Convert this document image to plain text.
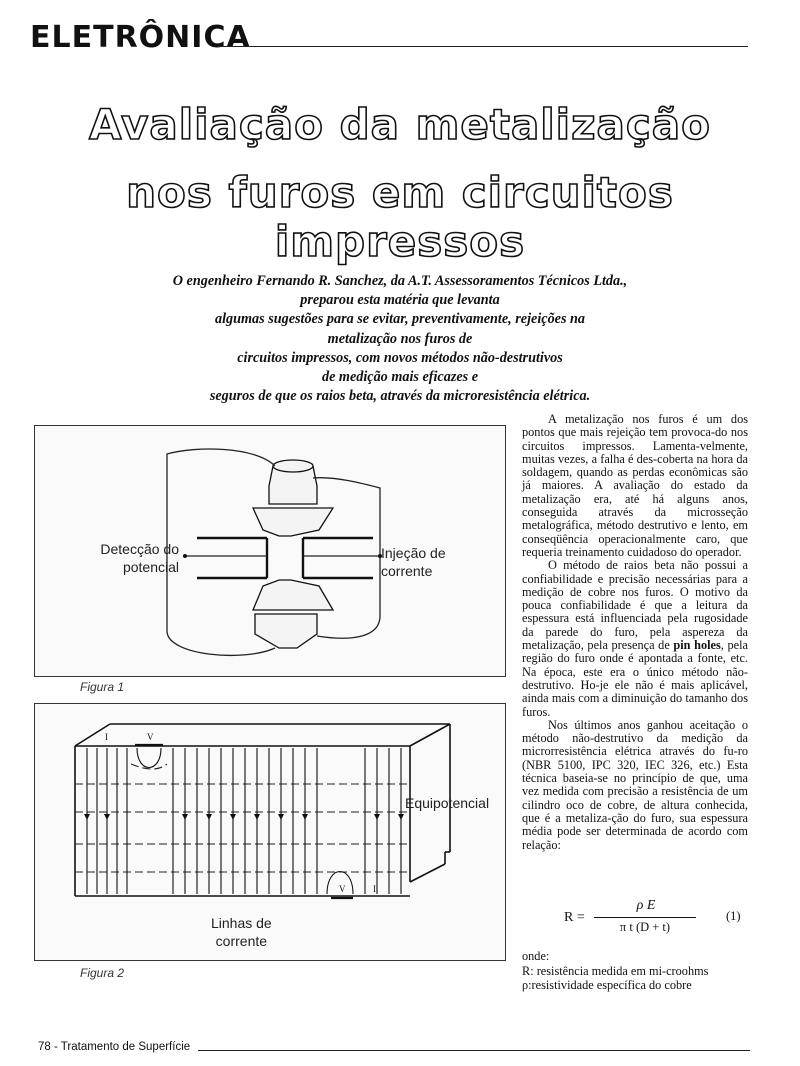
ELETRÔNICA
Avaliação da metalização
nos furos em circuitos impressos
O engenheiro Fernando R. Sanchez, da A.T. Assessoramentos Técnicos Ltda.,
preparou esta matéria que levanta
algumas sugestões para se evitar, preventivamente, rejeições na
metalização nos furos de
circuitos impressos, com novos métodos não-destrutivos
de medição mais eficazes e
seguros de que os raios beta, através da microresistência elétrica.
Detecção do
potencial
Injeção de
corrente
Figura 1
I	V
V	I
Equipotencial
Linhas de
corrente
Figura 2

A metalização nos furos é um dos pontos que mais rejeição tem provoca-do nos circuitos impressos. Lamenta-velmente, muitas vezes, a falha é des-coberta na hora da soldagem, quando as perdas econômicas são já maiores. A avaliação do estado da metalização era, até há alguns anos, conseguida através da microsseção metalográfica, método destrutivo e lento, em conseqüência operacionalmente caro, que requeria treinamento cuidadoso do operador.

O método de raios beta não possui a confiabilidade e precisão necessárias para a medição de cobre nos furos. O motivo da pouca confiabilidade é que a leitura da espessura está influenciada pela rugosidade da parede do furo, pela aspereza da metalização, pela presença de pin holes, pela região do furo onde é apontada a fonte, etc. Na época, este era o único método não-destrutivo. Ho-je ele não é mais aplicável, ainda mais com a diminuição do tamanho dos furos.

Nos últimos anos ganhou aceitação o método não-destrutivo da medição da microrresistência elétrica através do fu-ro (NBR 5100, IPC 320, IEC 326, etc.) Esta técnica baseia-se no princípio de que, uma vez medida com precisão a resistência de um cilindro oco de cobre, de altura conhecida, que é a metaliza-ção do furo, sua espessura média pode ser determinada de acordo com relação:

R =
ρ E
π t (D + t)
(1)
onde:
R: resistência medida em mi-croohms
ρ:resistividade específica do cobre
78 - Tratamento de Superfície
